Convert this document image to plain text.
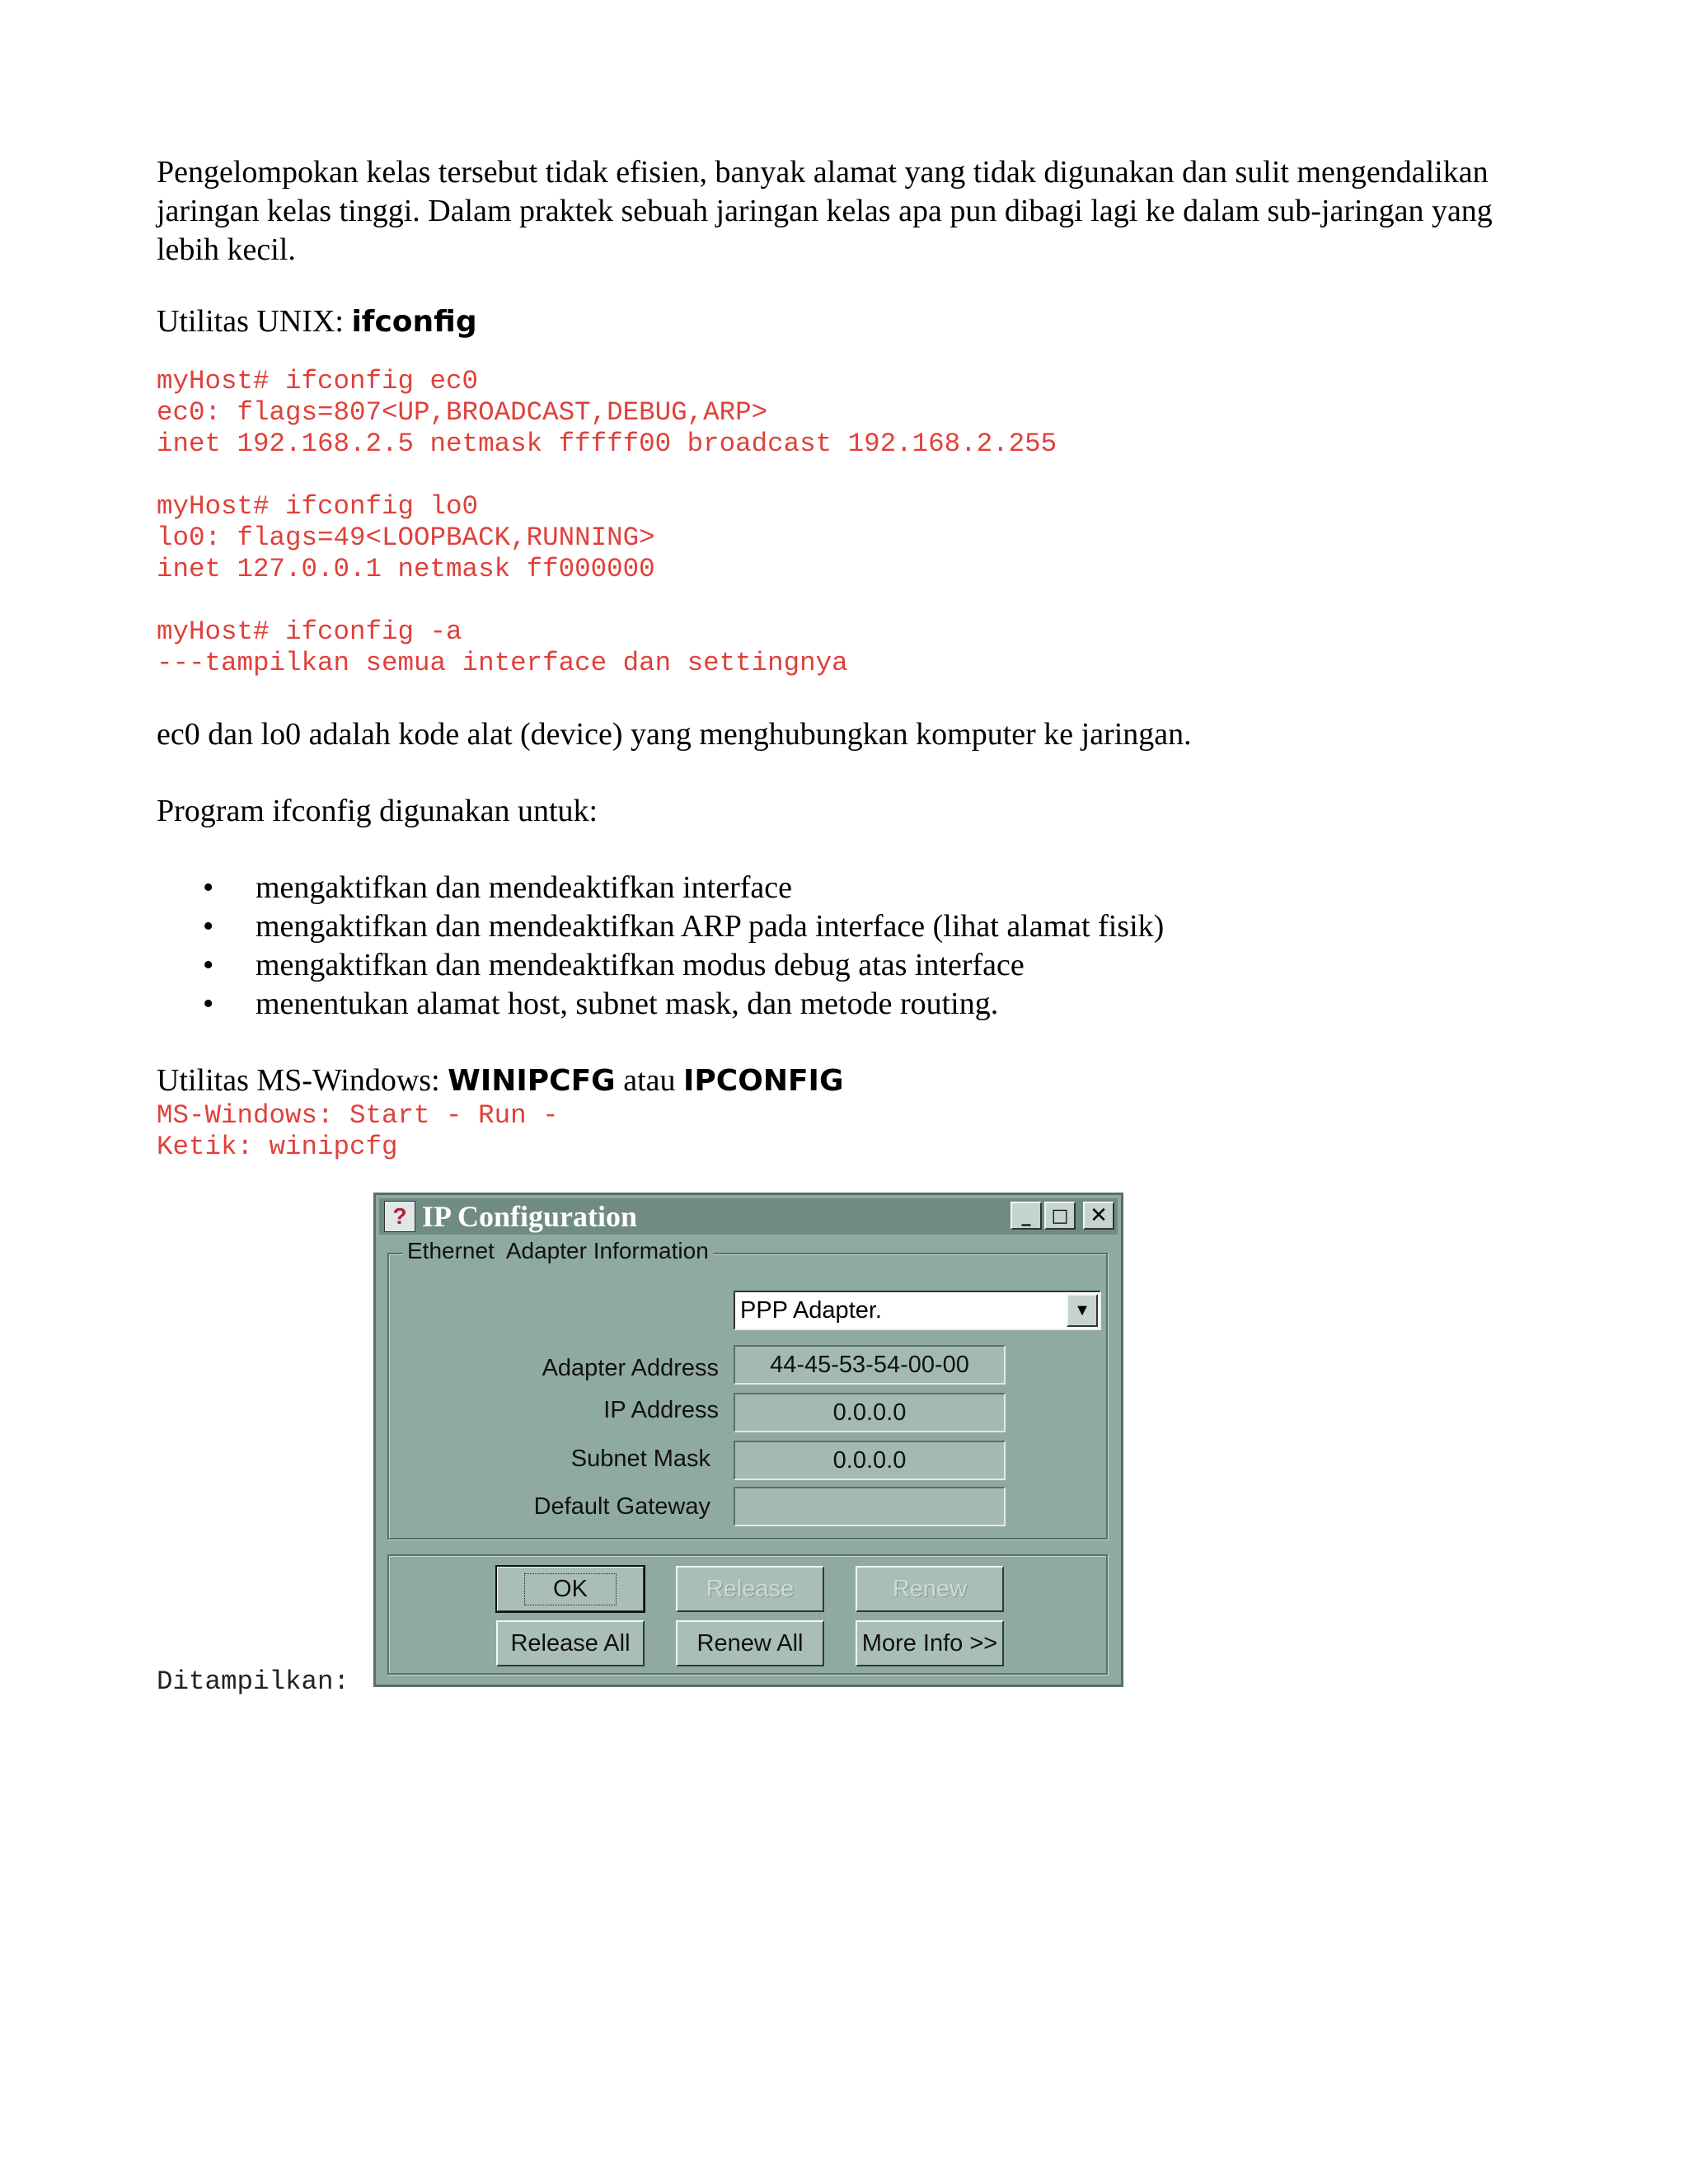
Pengelompokan kelas tersebut tidak efisien, banyak alamat yang tidak digunakan dan sulit mengendalikan jaringan kelas tinggi. Dalam praktek sebuah jaringan kelas apa pun dibagi lagi ke dalam sub-jaringan yang lebih kecil.

Utilitas UNIX: ifconfig

myHost# ifconfig ec0
ec0: flags=807<UP,BROADCAST,DEBUG,ARP>
inet 192.168.2.5 netmask fffff00 broadcast 192.168.2.255
myHost# ifconfig lo0
lo0: flags=49<LOOPBACK,RUNNING>
inet 127.0.0.1 netmask ff000000
myHost# ifconfig -a
---tampilkan semua interface dan settingnya

ec0 dan lo0 adalah kode alat (device) yang menghubungkan komputer ke jaringan.

Program ifconfig digunakan untuk:

• mengaktifkan dan mendeaktifkan interface
• mengaktifkan dan mendeaktifkan ARP pada interface (lihat alamat fisik)
• mengaktifkan dan mendeaktifkan modus debug atas interface
• menentukan alamat host, subnet mask, dan metode routing.

Utilitas MS-Windows: WINIPCFG atau IPCONFIG

MS-Windows: Start - Run -
Ketik: winipcfg
Ditampilkan:
? IP Configuration	_	□ ✕
Ethernet  Adapter Information
PPP Adapter.	▼
Adapter Address	44-45-53-54-00-00
IP Address	0.0.0.0
Subnet Mask	0.0.0.0
Default Gateway
OK	Release	Renew
Release All	Renew All	More Info >>
